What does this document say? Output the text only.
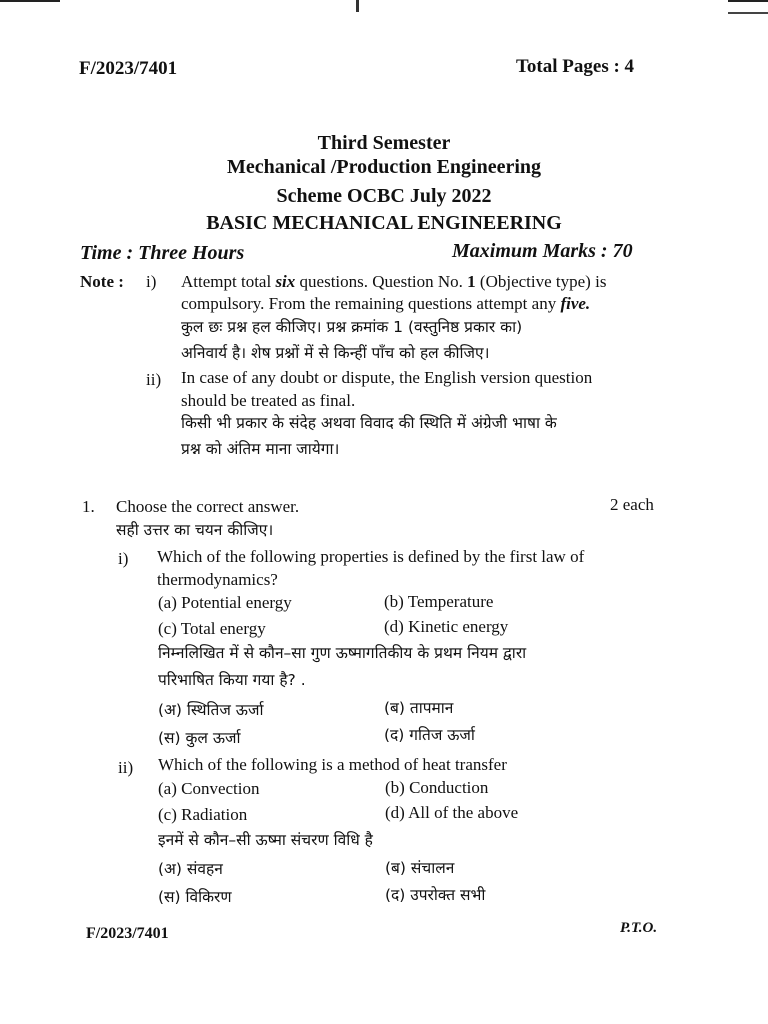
F/2023/7401	Total Pages : 4
Third Semester
Mechanical /Production Engineering
Scheme OCBC July 2022
BASIC MECHANICAL ENGINEERING
Time : Three Hours	Maximum Marks : 70
Note : i) Attempt total six questions. Question No. 1 (Objective type) is
compulsory. From the remaining questions attempt any five.
कुल छः प्रश्न हल कीजिए। प्रश्न क्रमांक 1 (वस्तुनिष्ठ प्रकार का)
अनिवार्य है। शेष प्रश्नों में से किन्हीं पाँच को हल कीजिए।
ii) In case of any doubt or dispute, the English version question
should be treated as final.
किसी भी प्रकार के संदेह अथवा विवाद की स्थिति में अंग्रेजी भाषा के
प्रश्न को अंतिम माना जायेगा।
1. Choose the correct answer.	2 each
सही उत्तर का चयन कीजिए।
i) Which of the following properties is defined by the first law of
thermodynamics?
(a) Potential energy	(b) Temperature
(c) Total energy	(d) Kinetic energy
निम्नलिखित में से कौन–सा गुण ऊष्मागतिकीय के प्रथम नियम द्वारा
परिभाषित किया गया है? .
(अ) स्थितिज ऊर्जा	(ब) तापमान
(स) कुल ऊर्जा	(द) गतिज ऊर्जा
ii) Which of the following is a method of heat transfer
(a) Convection	(b) Conduction
(c) Radiation	(d) All of the above
इनमें से कौन–सी ऊष्मा संचरण विधि है
(अ) संवहन	(ब) संचालन
(स) विकिरण	(द) उपरोक्त सभी
F/2023/7401	P.T.O.
